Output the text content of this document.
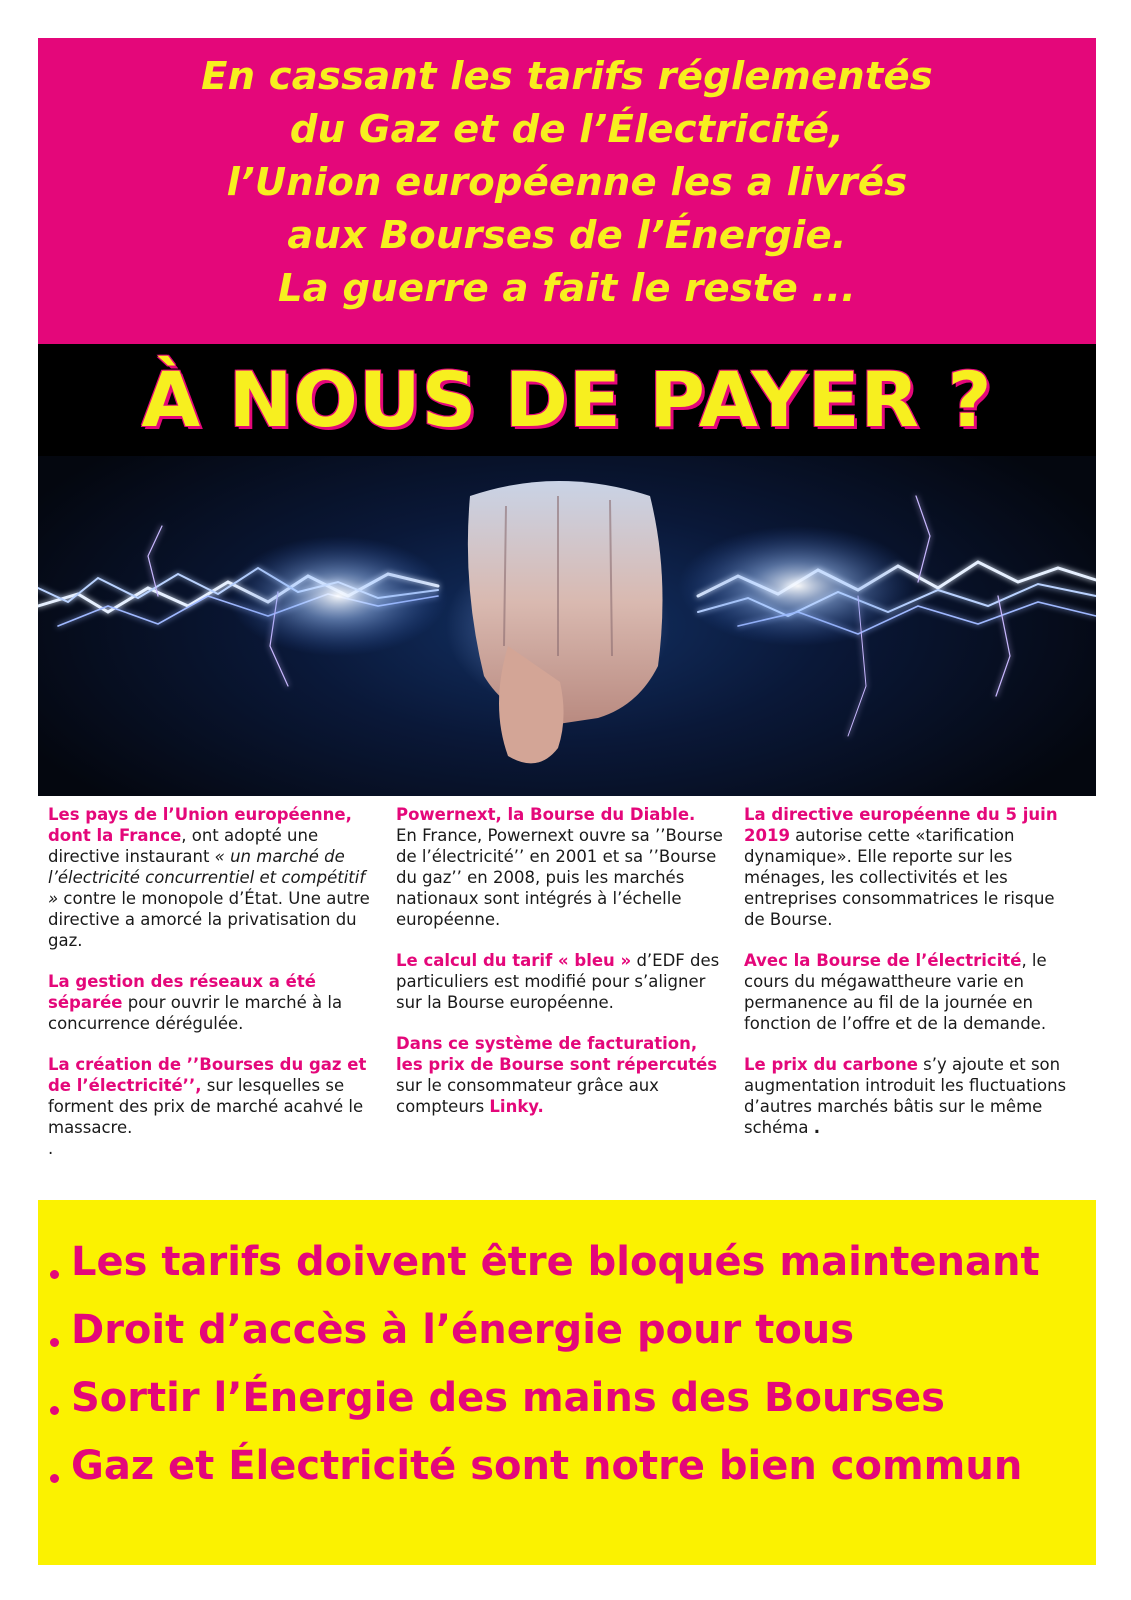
En cassant les tarifs réglementés
du Gaz et de l’Électricité,
l’Union européenne les a livrés
aux Bourses de l’Énergie.
La guerre a fait le reste ...
À NOUS DE PAYER ?

Les pays de l’Union européenne, dont la France, ont adopté une directive instaurant « un marché de l’électricité concurrentiel et compétitif » contre le monopole d’État. Une autre directive a amorcé la privatisation du gaz.

La gestion des réseaux a été séparée pour ouvrir le marché à la concurrence dérégulée.

La création de ’’Bourses du gaz et de l’électricité’’, sur lesquelles se forment des prix de marché acahvé le massacre.
.

Powernext, la Bourse du Diable.
En France, Powernext ouvre sa ’’Bourse de l’électricité’’ en 2001 et sa ’’Bourse du gaz’’ en 2008, puis les marchés nationaux sont intégrés à l’échelle européenne.

Le calcul du tarif « bleu » d’EDF des particuliers est modifié pour s’aligner sur la Bourse européenne.

Dans ce système de facturation, les prix de Bourse sont répercutés sur le consommateur grâce aux compteurs Linky.

La directive européenne du 5 juin 2019 autorise cette «tarification dynamique». Elle reporte sur les ménages, les collectivités et les entreprises consommatrices le risque de Bourse.

Avec la Bourse de l’électricité, le cours du mégawattheure varie en permanence au fil de la journée en fonction de l’offre et de la demande.

Le prix du carbone s’y ajoute et son augmentation introduit les fluctuations d’autres marchés bâtis sur le même schéma .

Les tarifs doivent être bloqués maintenant
Droit d’accès à l’énergie pour tous
Sortir l’Énergie des mains des Bourses
Gaz et Électricité sont notre bien commun
